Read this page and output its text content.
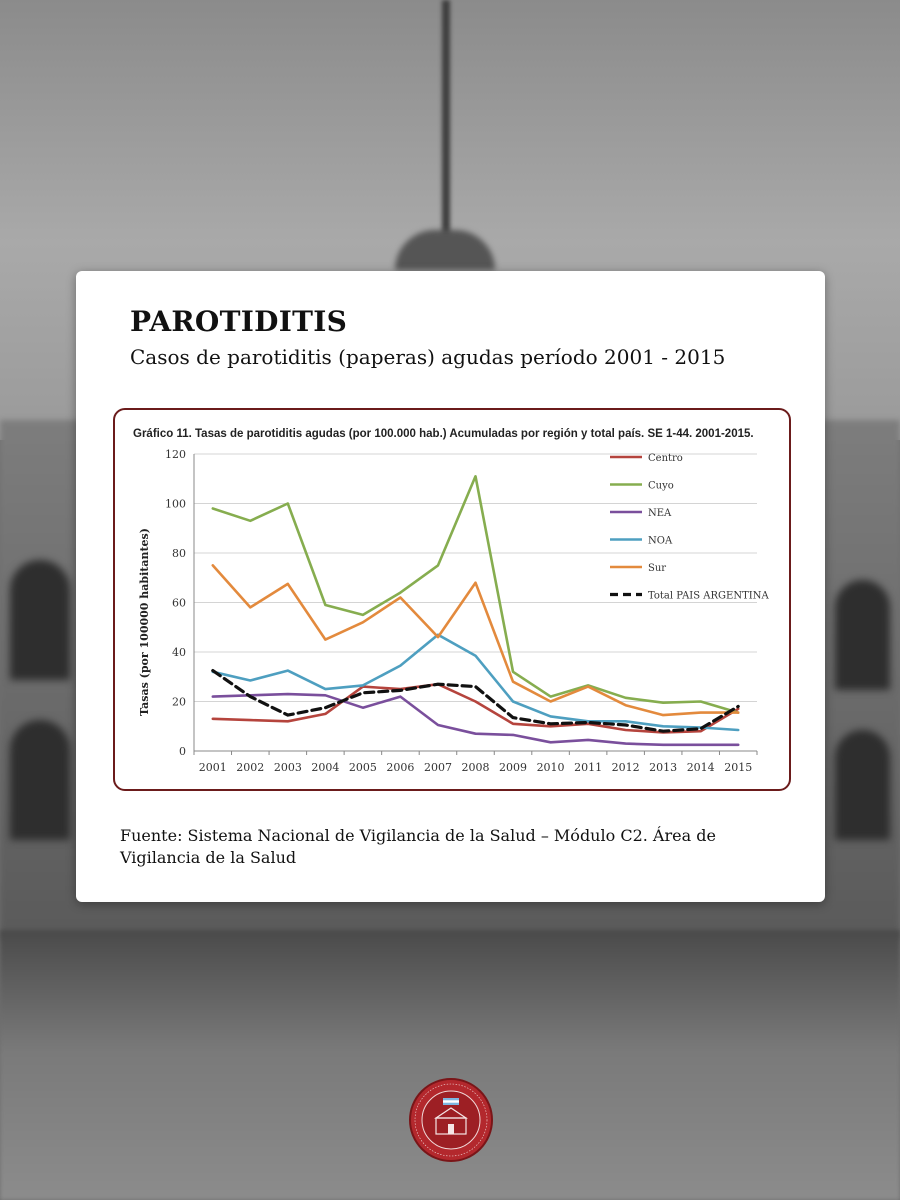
PAROTIDITIS
Casos de parotiditis (paperas) agudas período 2001 - 2015
Gráfico 11. Tasas de parotiditis agudas (por 100.000 hab.) Acumuladas por región y total país. SE 1-44. 2001-2015.
Tasas (por 100000 habitantes)
0
20
40
60
80
100
120
2001 2002 2003 2004 2005 2006 2007 2008 2009 2010 2011 2012 2013 2014 2015
Centro
Cuyo
NEA
NOA
Sur
Total PAIS ARGENTINA
Fuente: Sistema Nacional de Vigilancia de la Salud – Módulo C2. Área de Vigilancia de la Salud
